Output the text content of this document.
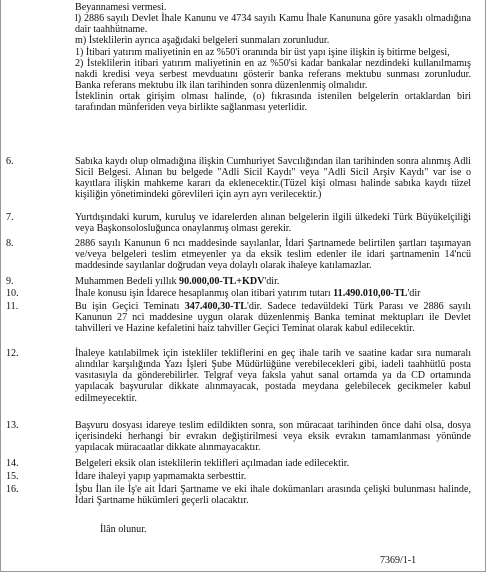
Beyannamesi vermesi.

l) 2886 sayılı Devlet İhale Kanunu ve 4734 sayılı Kamu İhale Kanununa göre yasaklı olmadığına dair taahhütname.

m) İsteklilerin ayrıca aşağıdaki belgeleri sunmaları zorunludur.

1) İtibari yatırım maliyetinin en az %50'i oranında bir üst yapı işine ilişkin iş bitirme belgesi,

2) İsteklilerin itibari yatırım maliyetinin en az %50'si kadar bankalar nezdindeki kullanılmamış nakdi kredisi veya serbest mevduatını gösterir banka referans mektubu sunması zorunludur. Banka referans mektubu ilk ilan tarihinden sonra düzenlenmiş olmalıdır.

İsteklinin ortak girişim olması halinde, (o) fıkrasında istenilen belgelerin ortaklardan biri tarafından münferiden veya birlikte sağlanması yeterlidir.

6.	Sabıka kaydı olup olmadığına ilişkin Cumhuriyet Savcılığından ilan tarihinden sonra alınmış Adli Sicil Belgesi. Alınan bu belgede "Adli Sicil Kaydı" veya "Adli Sicil Arşiv Kaydı" var ise o kayıtlara ilişkin mahkeme kararı da eklenecektir.(Tüzel kişi olması halinde sabıka kaydı tüzel kişiliğin yönetimindeki görevlileri için ayrı ayrı verilecektir.)

7.	Yurtdışındaki kurum, kuruluş ve idarelerden alınan belgelerin ilgili ülkedeki Türk Büyükelçiliği veya Başkonsolosluğunca onaylanmış olması gerekir.

8.	2886 sayılı Kanunun 6 ncı maddesinde sayılanlar, İdari Şartnamede belirtilen şartları taşımayan ve/veya belgeleri teslim etmeyenler ya da eksik teslim edenler ile idari şartnamenin 14'ncü maddesinde sayılanlar doğrudan veya dolaylı olarak ihaleye katılamazlar.

9.	Muhammen Bedeli yıllık 90.000,00-TL+KDV'dir.

10.	İhale konusu işin İdarece hesaplanmış olan itibari yatırım tutarı 11.490.010,00-TL'dir

11.	Bu işin Geçici Teminatı 347.400,30-TL'dir. Sadece tedavüldeki Türk Parası ve 2886 sayılı Kanunun 27 nci maddesine uygun olarak düzenlenmiş Banka teminat mektupları ile Devlet tahvilleri ve Hazine kefaletini haiz tahviller Geçici Teminat olarak kabul edilecektir.

12.	İhaleye katılabilmek için istekliler tekliflerini en geç ihale tarih ve saatine kadar sıra numaralı alındılar karşılığında Yazı İşleri Şube Müdürlüğüne verebilecekleri gibi, iadeli taahhütlü posta vasıtasıyla da gönderebilirler. Telgraf veya faksla yahut sanal ortamda ya da CD ortamında yapılacak başvurular dikkate alınmayacak, postada meydana gelebilecek gecikmeler kabul edilmeyecektir.

13.	Başvuru dosyası idareye teslim edildikten sonra, son müracaat tarihinden önce dahi olsa, dosya içerisindeki herhangi bir evrakın değiştirilmesi veya eksik evrakın tamamlanması yönünde yapılacak müracaatlar dikkate alınmayacaktır.

14.	Belgeleri eksik olan isteklilerin teklifleri açılmadan iade edilecektir.

15.	İdare ihaleyi yapıp yapmamakta serbesttir.

16.	İşbu İlan ile İş'e ait İdari Şartname ve eki ihale dokümanları arasında çelişki bulunması halinde, İdari Şartname hükümleri geçerli olacaktır.

İlân olunur.
7369/1-1
